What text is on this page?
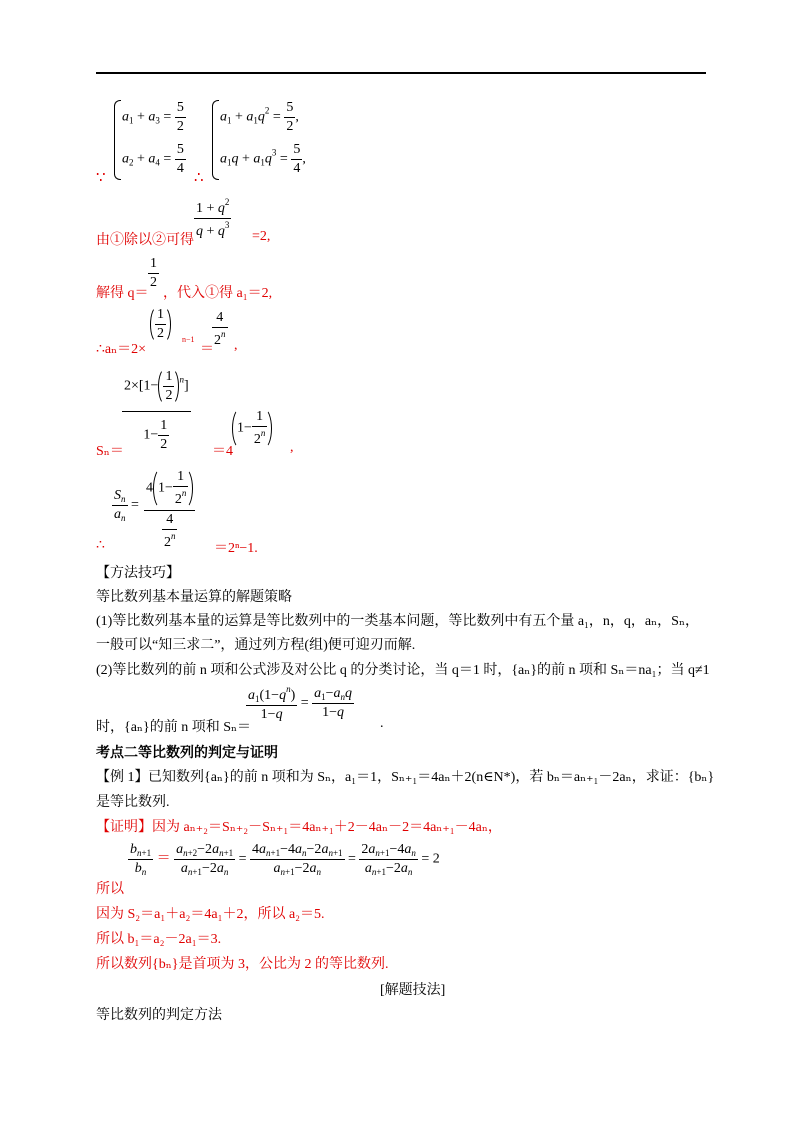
$a_1 + a_3 = \frac{5}{2}$
$a_2 + a_4 = \frac{5}{4}$
∵
$a_1 + a_1q^2 = \frac{5}{2}$ ,
$a_1q + a_1q^3 = \frac{5}{4}$ ,
∴
$\frac{1 + q^2}{q + q^3}$
由①除以②可得	=2,
$\frac{1}{2}$
解得 q＝ ，代入①得 a₁＝2,
∴aₙ＝2×
$\frac{1}{2} n-1$
＝
$\frac{4}{2^n}$ ,
$\frac{2\times[1- \frac{1}{2} ^n]}{1- \frac{1}{2}}$
Sₙ＝	＝4
$1- \frac{1}{2^n}$ ,
$\frac{S_n}{a_n} = \frac{4 1- \frac{1}{2^n}}{\frac{4}{2^n}}$
∴	＝2ⁿ−1.
【方法技巧】
等比数列基本量运算的解题策略
(1)等比数列基本量的运算是等比数列中的一类基本问题，等比数列中有五个量 a₁，n，q，aₙ，Sₙ，
一般可以“知三求二”，通过列方程(组)便可迎刃而解.
(2)等比数列的前 n 项和公式涉及对公比 q 的分类讨论，当 q＝1 时，{aₙ}的前 n 项和 Sₙ＝na₁；当 q≠1
$\frac{a_1(1-q^n)}{1-q} = \frac{a_1-a_nq}{1-q}$
时，{aₙ}的前 n 项和 Sₙ＝	.
考点二等比数列的判定与证明
【例 1】 已知数列{aₙ}的前 n 项和为 Sₙ，a₁＝1，Sₙ₊₁＝4aₙ＋2(n∈N*)，若 bₙ＝aₙ₊₁－2aₙ，求证：{bₙ}
是等比数列.
【证明】因为 aₙ₊₂＝Sₙ₊₂－Sₙ₊₁＝4aₙ₊₁＋2－4aₙ－2＝4aₙ₊₁－4aₙ，
$\frac{b_{n+1}}{b_n} = \frac{a_{n+2}-2a_{n+1}}{a_{n+1}-2a_n} = \frac{4a_{n+1}-4a_n-2a_{n+1}}{a_{n+1}-2a_n} = \frac{2a_{n+1}-4a_n}{a_{n+1}-2a_n} = 2$
所以
因为 S₂＝a₁＋a₂＝4a₁＋2，所以 a₂＝5.
所以 b₁＝a₂－2a₁＝3.
所以数列{bₙ}是首项为 3，公比为 2 的等比数列.
[解题技法]
等比数列的判定方法
